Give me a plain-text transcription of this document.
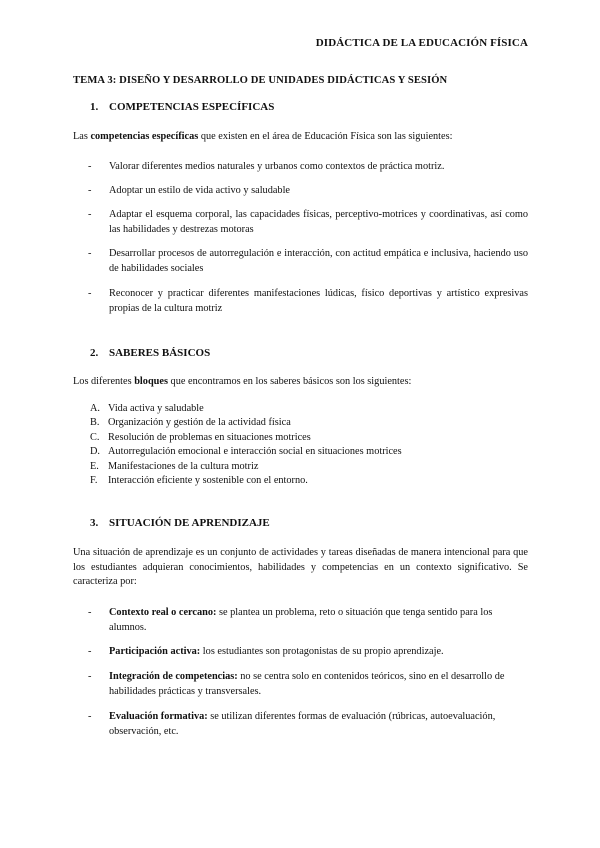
DIDÁCTICA DE LA EDUCACIÓN FÍSICA
TEMA 3: DISEÑO Y DESARROLLO DE UNIDADES DIDÁCTICAS Y SESIÓN
1. COMPETENCIAS ESPECÍFICAS
Las competencias específicas que existen en el área de Educación Física son las siguientes:
- Valorar diferentes medios naturales y urbanos como contextos de práctica motriz.
- Adoptar un estilo de vida activo y saludable
- Adaptar el esquema corporal, las capacidades físicas, perceptivo-motrices y coordinativas, así como las habilidades y destrezas motoras
- Desarrollar procesos de autorregulación e interacción, con actitud empática e inclusiva, haciendo uso de habilidades sociales
- Reconocer y practicar diferentes manifestaciones lúdicas, físico deportivas y artístico expresivas propias de la cultura motriz
2. SABERES BÁSICOS
Los diferentes bloques que encontramos en los saberes básicos son los siguientes:
A. Vida activa y saludable
B. Organización y gestión de la actividad física
C. Resolución de problemas en situaciones motrices
D. Autorregulación emocional e interacción social en situaciones motrices
E. Manifestaciones de la cultura motriz
F. Interacción eficiente y sostenible con el entorno.
3. SITUACIÓN DE APRENDIZAJE
Una situación de aprendizaje es un conjunto de actividades y tareas diseñadas de manera intencional para que los estudiantes adquieran conocimientos, habilidades y competencias en un contexto significativo. Se caracteriza por:
- Contexto real o cercano: se plantea un problema, reto o situación que tenga sentido para los alumnos.
- Participación activa: los estudiantes son protagonistas de su propio aprendizaje.
- Integración de competencias: no se centra solo en contenidos teóricos, sino en el desarrollo de habilidades prácticas y transversales.
- Evaluación formativa: se utilizan diferentes formas de evaluación (rúbricas, autoevaluación, observación, etc.
